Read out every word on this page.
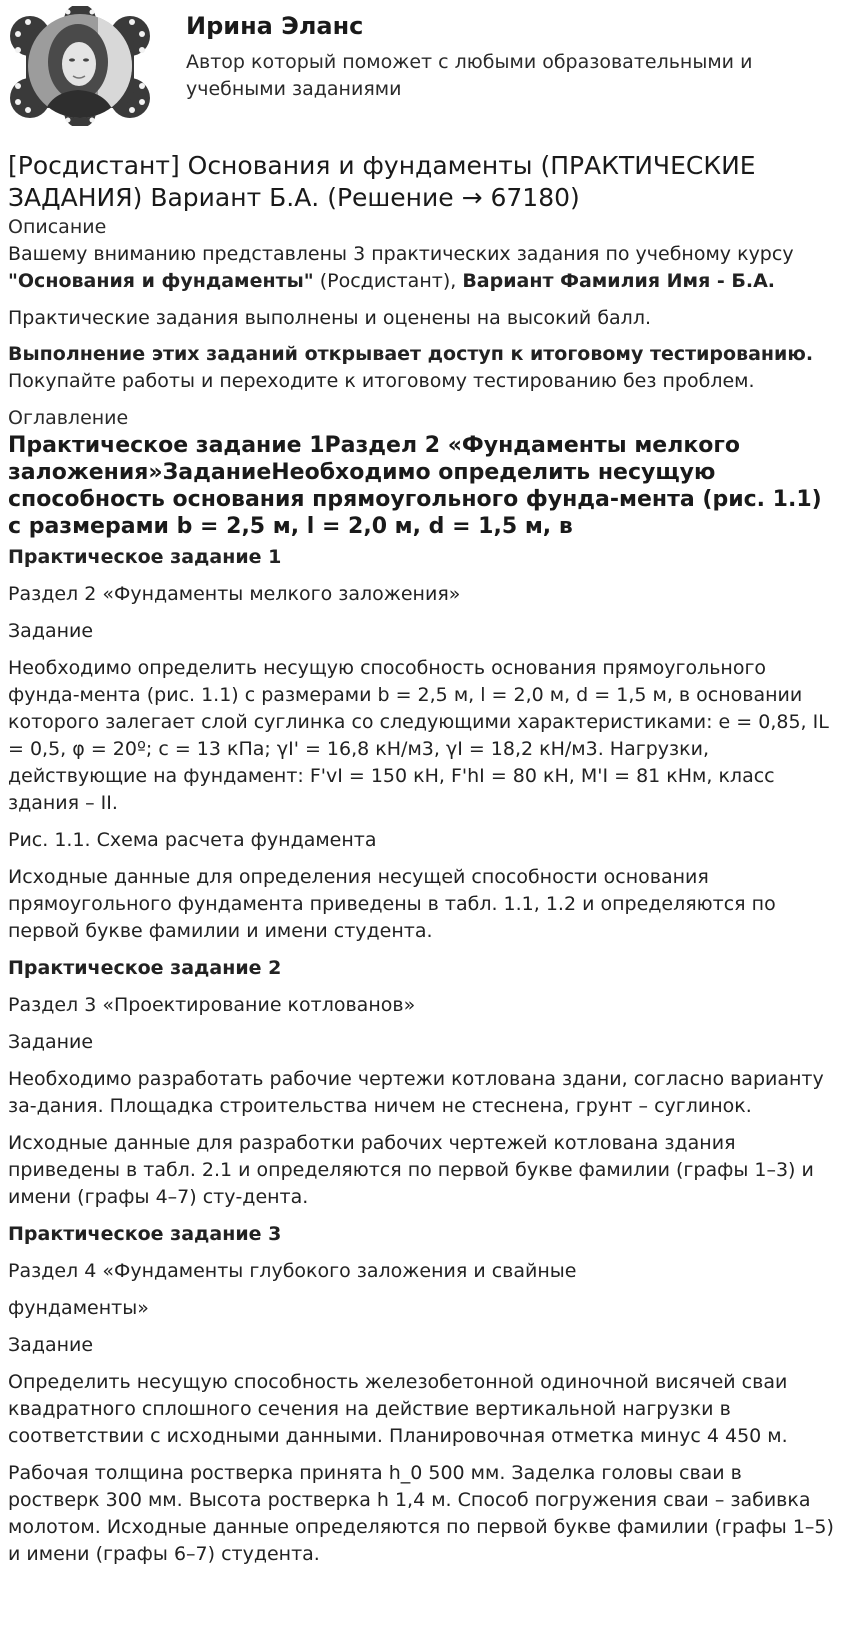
Ирина Эланс

Автор который поможет с любыми образовательными и учебными заданиями

[Росдистант] Основания и фундаменты (ПРАКТИЧЕСКИЕ ЗАДАНИЯ) Вариант Б.А. (Решение → 67180)
Описание

Вашему вниманию представлены 3 практических задания по учебному курсу
"Основания и фундаменты" (Росдистант), Вариант Фамилия Имя - Б.А.

Практические задания выполнены и оценены на высокий балл.

Выполнение этих заданий открывает доступ к итоговому тестированию.
Покупайте работы и переходите к итоговому тестированию без проблем.

Оглавление
Практическое задание 1Раздел 2 «Фундаменты мелкого заложения»ЗаданиеНеобходимо определить несущую способность основания прямоугольного фунда-мента (рис. 1.1) с размерами b = 2,5 м, l = 2,0 м, d = 1,5 м, в

Практическое задание 1

Раздел 2 «Фундаменты мелкого заложения»

Задание

Необходимо определить несущую способность основания прямоугольного фунда-мента (рис. 1.1) с размерами b = 2,5 м, l = 2,0 м, d = 1,5 м, в основании которого залегает слой суглинка со следующими характеристиками: e = 0,85, IL = 0,5, φ = 20º; c = 13 кПа; γI' = 16,8 кН/м3, γI = 18,2 кН/м3. Нагрузки, действующие на фундамент: F'vI = 150 кН, F'hI = 80 кН, M'I = 81 кНм, класс здания – II.

Рис. 1.1. Схема расчета фундамента

Исходные данные для определения несущей способности основания прямоугольного фундамента приведены в табл. 1.1, 1.2 и определяются по первой букве фамилии и имени студента.

Практическое задание 2

Раздел 3 «Проектирование котлованов»

Задание

Необходимо разработать рабочие чертежи котлована здани, согласно варианту за-дания. Площадка строительства ничем не стеснена, грунт – суглинок.

Исходные данные для разработки рабочих чертежей котлована здания приведены в табл. 2.1 и определяются по первой букве фамилии (графы 1–3) и имени (графы 4–7) сту-дента.

Практическое задание 3

Раздел 4 «Фундаменты глубокого заложения и свайные

фундаменты»

Задание

Определить несущую способность железобетонной одиночной висячей сваи квадратного сплошного сечения на действие вертикальной нагрузки в соответствии с исходными данными. Планировочная отметка минус 4 450 м.

Рабочая толщина ростверка принята h_0 500 мм. Заделка головы сваи в ростверк 300 мм. Высота ростверка h 1,4 м. Способ погружения сваи – забивка молотом. Исходные данные определяются по первой букве фамилии (графы 1–5) и имени (графы 6–7) студента.
